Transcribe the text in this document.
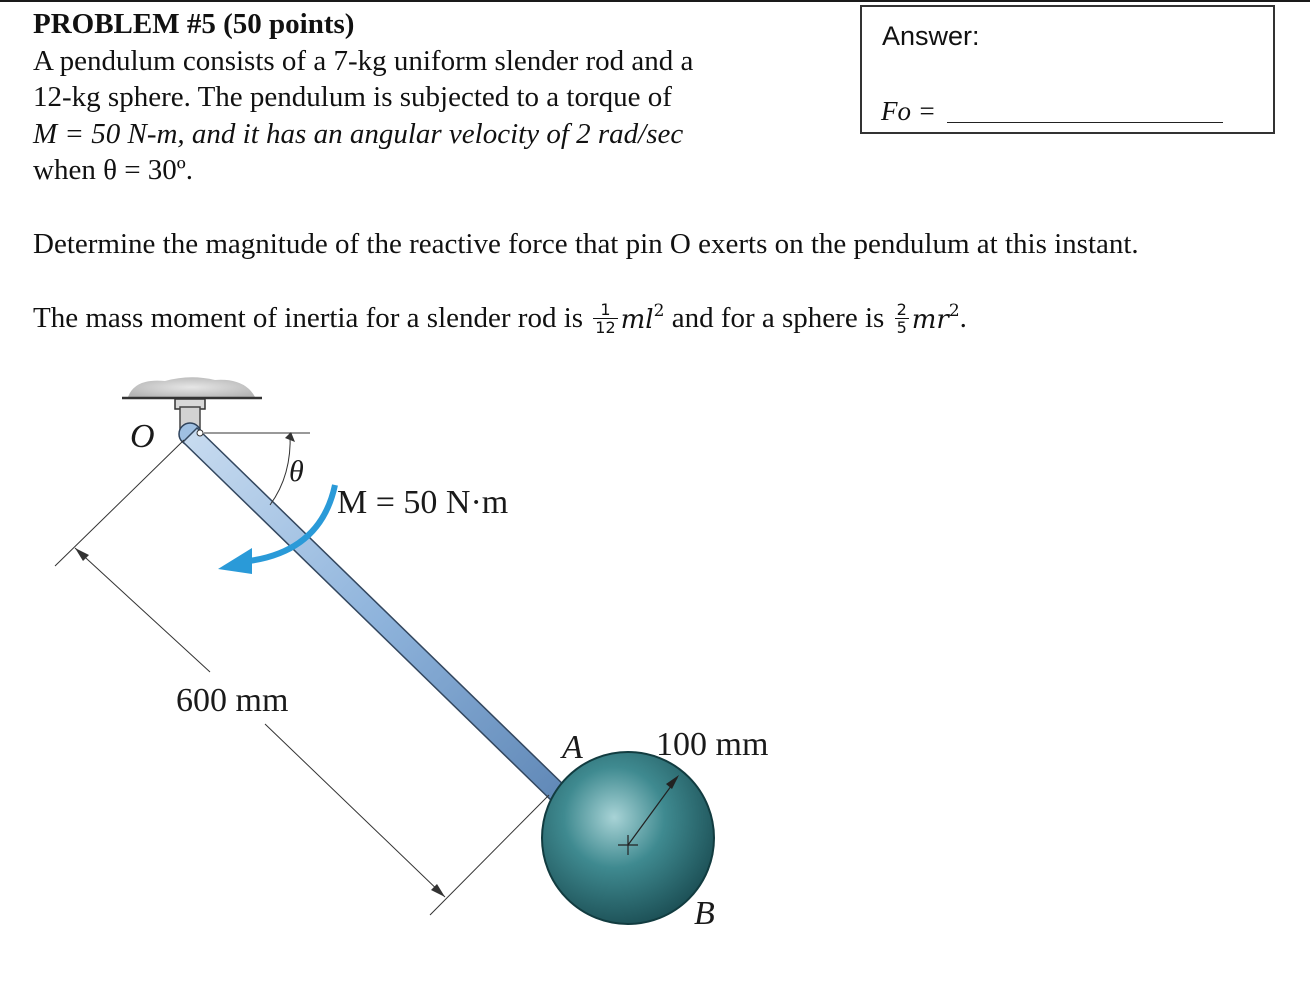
PROBLEM #5 (50 points)
A pendulum consists of a 7-kg uniform slender rod and a
12-kg sphere. The pendulum is subjected to a torque of
M = 50 N-m, and it has an angular velocity of 2 rad/sec
when θ = 30º.
Answer:
Fo =

Determine the magnitude of the reactive force that pin O exerts on the pendulum at this instant.

The mass moment of inertia for a slender rod is $\frac{1}{12} ml^2$ and for a sphere is $\frac{2}{5} mr^2$.
O
θ
M = 50 N·m
600 mm
A 100 mm
B
